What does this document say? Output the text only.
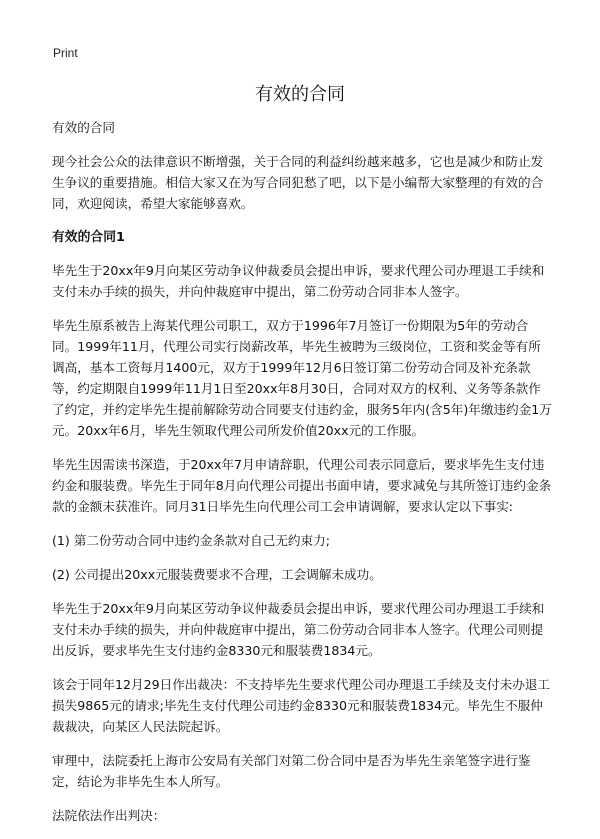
Print
有效的合同

有效的合同

现今社会公众的法律意识不断增强，关于合同的利益纠纷越来越多，它也是减少和防止发生争议的重要措施。相信大家又在为写合同犯愁了吧，以下是小编帮大家整理的有效的合同，欢迎阅读，希望大家能够喜欢。

有效的合同1

毕先生于20xx年9月向某区劳动争议仲裁委员会提出申诉，要求代理公司办理退工手续和支付未办手续的损失，并向仲裁庭审中提出，第二份劳动合同非本人签字。

毕先生原系被告上海某代理公司职工，双方于1996年7月签订一份期限为5年的劳动合同。1999年11月，代理公司实行岗薪改革，毕先生被聘为三级岗位，工资和奖金等有所调高，基本工资每月1400元，双方于1999年12月6日签订第二份劳动合同及补充条款等，约定期限自1999年11月1日至20xx年8月30日，合同对双方的权利、义务等条款作了约定，并约定毕先生提前解除劳动合同要支付违约金，服务5年内(含5年)年缴违约金1万元。20xx年6月，毕先生领取代理公司所发价值20xx元的工作服。

毕先生因需读书深造，于20xx年7月申请辞职，代理公司表示同意后，要求毕先生支付违约金和服装费。毕先生于同年8月向代理公司提出书面申请，要求减免与其所签订违约金条款的金额未获准许。同月31日毕先生向代理公司工会申请调解，要求认定以下事实:

(1) 第二份劳动合同中违约金条款对自己无约束力;

(2) 公司提出20xx元服装费要求不合理，工会调解未成功。

毕先生于20xx年9月向某区劳动争议仲裁委员会提出申诉，要求代理公司办理退工手续和支付未办手续的损失，并向仲裁庭审中提出，第二份劳动合同非本人签字。代理公司则提出反诉，要求毕先生支付违约金8330元和服装费1834元。

该会于同年12月29日作出裁决：不支持毕先生要求代理公司办理退工手续及支付未办退工损失9865元的请求;毕先生支付代理公司违约金8330元和服装费1834元。毕先生不服仲裁裁决，向某区人民法院起诉。

审理中，法院委托上海市公安局有关部门对第二份合同中是否为毕先生亲笔签字进行鉴定，结论为非毕先生本人所写。

法院依法作出判决：
